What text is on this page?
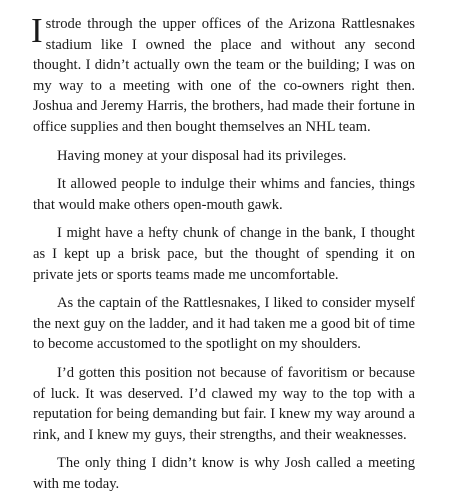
Istrode through the upper offices of the Arizona Rattlesnakes stadium like I owned the place and without any second thought. I didn’t actually own the team or the building; I was on my way to a meeting with one of the co-owners right then. Joshua and Jeremy Harris, the brothers, had made their fortune in office supplies and then bought themselves an NHL team.

Having money at your disposal had its privileges.

It allowed people to indulge their whims and fancies, things that would make others open-mouth gawk.

I might have a hefty chunk of change in the bank, I thought as I kept up a brisk pace, but the thought of spending it on private jets or sports teams made me uncomfortable.

As the captain of the Rattlesnakes, I liked to consider myself the next guy on the ladder, and it had taken me a good bit of time to become accustomed to the spotlight on my shoulders.

I’d gotten this position not because of favoritism or because of luck. It was deserved. I’d clawed my way to the top with a reputation for being demanding but fair. I knew my way around a rink, and I knew my guys, their strengths, and their weaknesses.

The only thing I didn’t know is why Josh called a meeting with me today.
